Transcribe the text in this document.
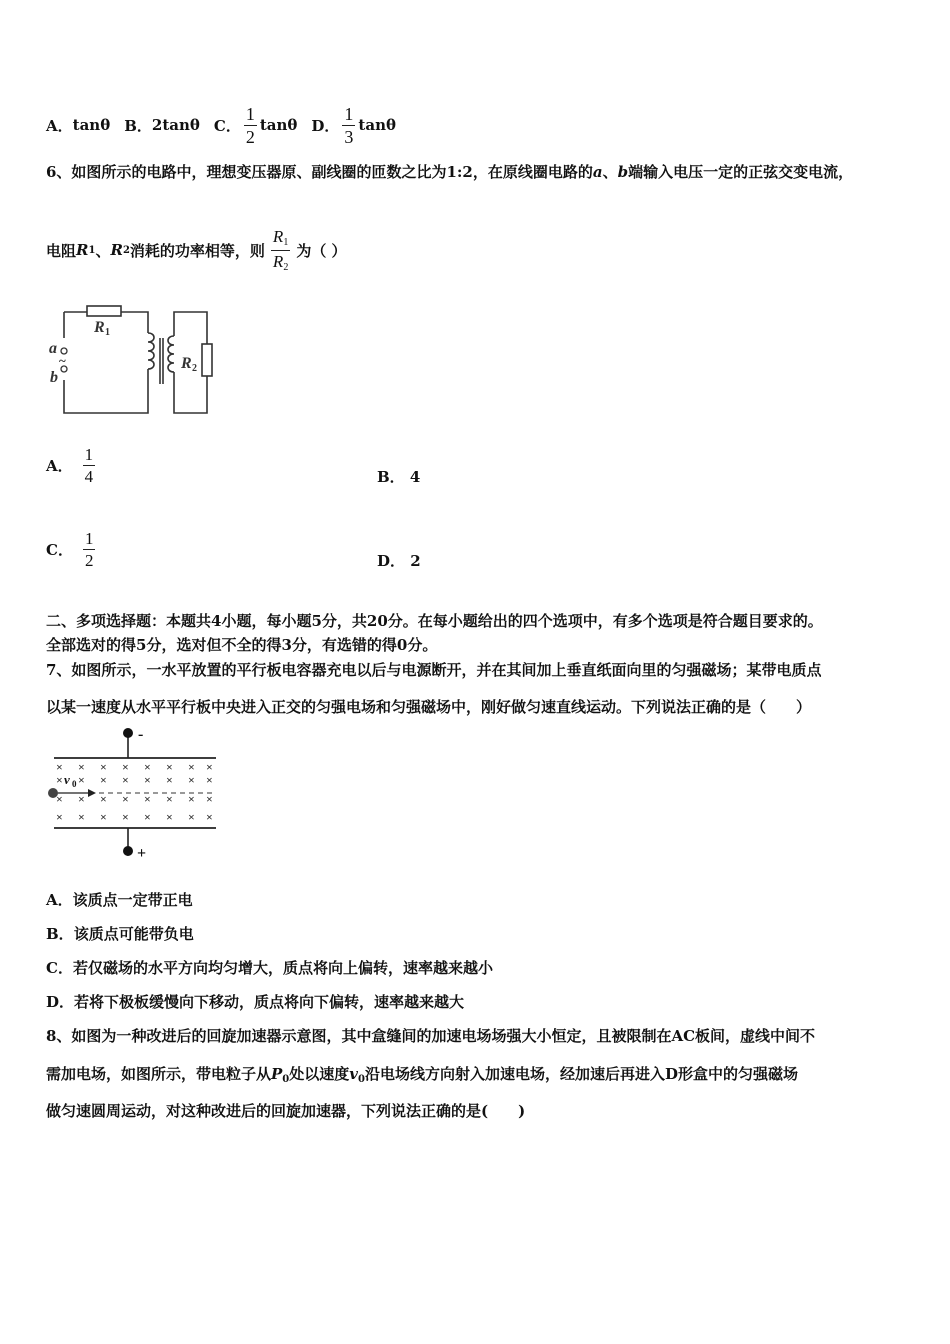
A． tanθ B． 2tanθ C． $\frac{1}{2}$ tanθ D． $\frac{1}{3}$ tanθ
6、如图所示的电路中，理想变压器原、副线圈的匝数之比为1:2，在原线圈电路的a、b端输入电压一定的正弦交变电流，
电阻 R 1 、 R 2 消耗的功率相等，则 $\frac{R_1}{R_2}$ 为（ ）
a
b
~
R 1
R 2
A． $\frac{1}{4}$	B． 4
C． $\frac{1}{2}$	D． 2
二、多项选择题：本题共4小题，每小题5分，共20分。在每小题给出的四个选项中，有多个选项是符合题目要求的。
全部选对的得5分，选对但不全的得3分，有选错的得0分。
7、如图所示，一水平放置的平行板电容器充电以后与电源断开，并在其间加上垂直纸面向里的匀强磁场；某带电质点
以某一速度从水平平行板中央进入正交的匀强电场和匀强磁场中，刚好做匀速直线运动。下列说法正确的是（　　）
-
+
v 0
× × × × × × × ×
× × × × × × × ×
× × × × × × × ×
× × × × × × × ×
A．该质点一定带正电
B．该质点可能带负电
C．若仅磁场的水平方向均匀增大，质点将向上偏转，速率越来越小
D．若将下极板缓慢向下移动，质点将向下偏转，速率越来越大
8、如图为一种改进后的回旋加速器示意图，其中盒缝间的加速电场场强大小恒定，且被限制在AC板间，虚线中间不
需加电场，如图所示，带电粒子从$P_0$处以速度$v_0$沿电场线方向射入加速电场，经加速后再进入D形盒中的匀强磁场
做匀速圆周运动，对这种改进后的回旋加速器，下列说法正确的是(　　)
